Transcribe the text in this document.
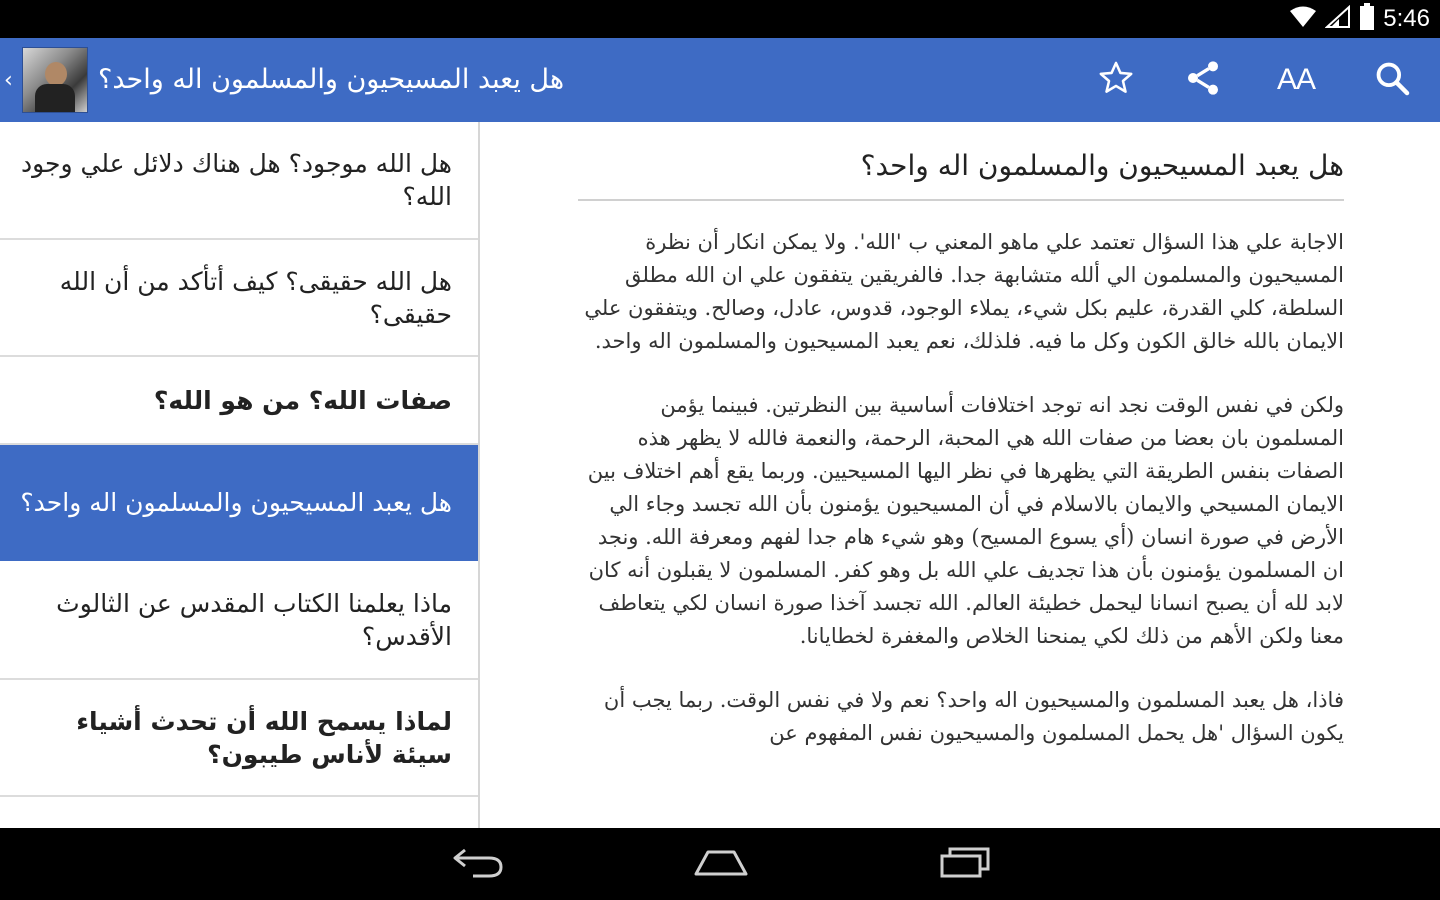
5:46
‹	هل يعبد المسيحيون والمسلمون اله واحد؟	AA
هل الله موجود؟ هل هناك دلائل علي وجود الله؟
هل الله حقيقى؟ كيف أتأكد من أن الله حقيقى؟
صفات الله؟ من هو الله؟
هل يعبد المسيحيون والمسلمون اله واحد؟
ماذا يعلمنا الكتاب المقدس عن الثالوث الأقدس؟
لماذا يسمح الله أن تحدث أشياء سيئة لأناس طيبون؟
هل يعبد المسيحيون والمسلمون اله واحد؟

الاجابة علي هذا السؤال تعتمد علي ماهو المعني ب 'الله'. ولا يمكن انكار أن نظرة المسيحيون والمسلمون الي ألله متشابهة جدا. فالفريقين يتفقون علي ان الله مطلق السلطة، كلي القدرة، عليم بكل شيء، يملاء الوجود، قدوس، عادل، وصالح. ويتفقون علي الايمان بالله خالق الكون وكل ما فيه. فلذلك، نعم يعبد المسيحيون والمسلمون اله واحد.

ولكن في نفس الوقت نجد انه توجد اختلافات أساسية بين النظرتين. فبينما يؤمن المسلمون بان بعضا من صفات الله هي المحبة، الرحمة، والنعمة فالله لا يظهر هذه الصفات بنفس الطريقة التي يظهرها في نظر اليها المسيحيين. وربما يقع أهم اختلاف بين الايمان المسيحي والايمان بالاسلام في أن المسيحيون يؤمنون بأن الله تجسد وجاء الي الأرض في صورة انسان (أي يسوع المسيح) وهو شيء هام جدا لفهم ومعرفة الله. ونجد ان المسلمون يؤمنون بأن هذا تجديف علي الله بل وهو كفر. المسلمون لا يقبلون أنه كان لابد لله أن يصبح انسانا ليحمل خطيئة العالم. الله تجسد آخذا صورة انسان لكي يتعاطف معنا ولكن الأهم من ذلك لكي يمنحنا الخلاص والمغفرة لخطايانا.

فاذا، هل يعبد المسلمون والمسيحيون اله واحد؟ نعم ولا في نفس الوقت. ربما يجب أن يكون السؤال 'هل يحمل المسلمون والمسيحيون نفس المفهوم عن
